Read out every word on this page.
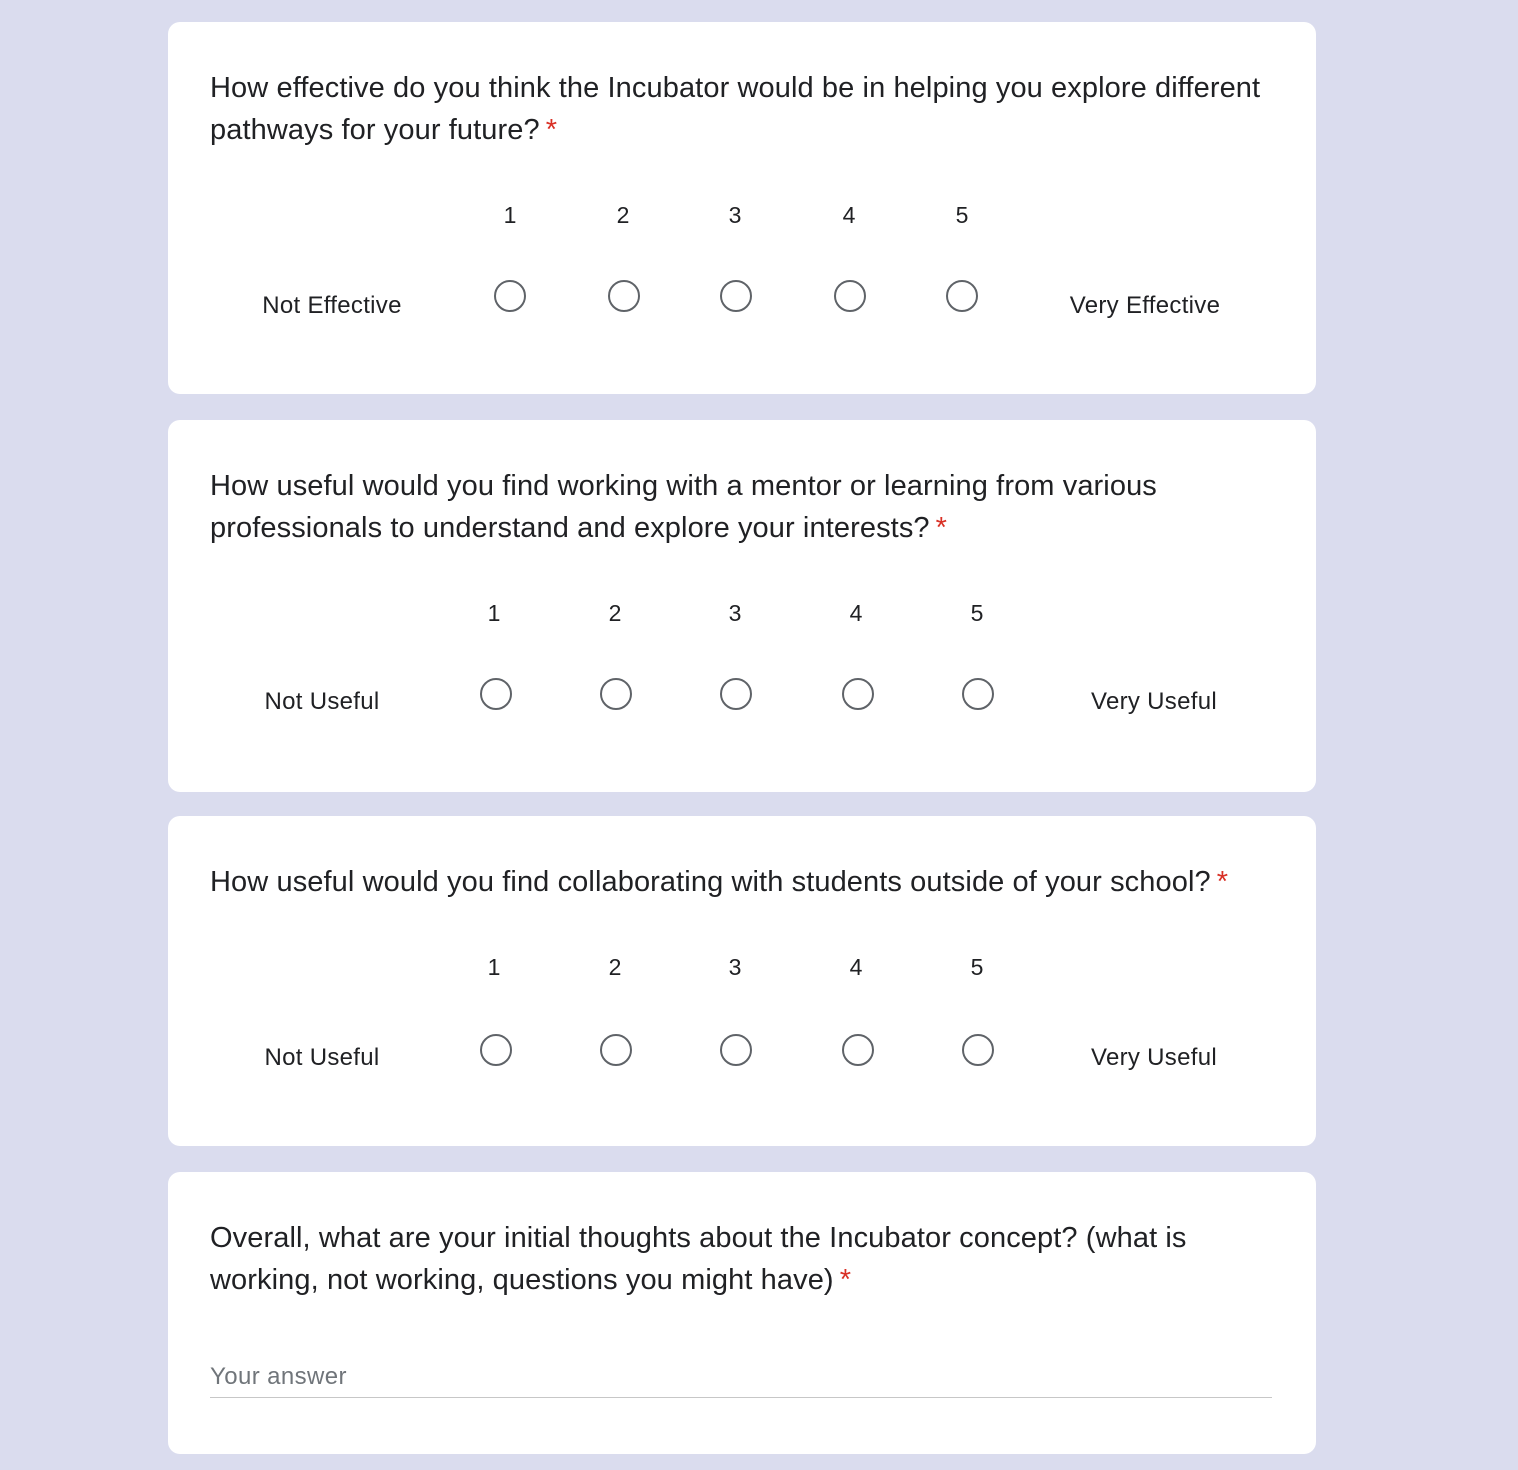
How effective do you think the Incubator would be in helping you explore different pathways for your future? *
1	2	3	4	5
Not Effective	Very Effective
How useful would you find working with a mentor or learning from various professionals to understand and explore your interests? *
1	2	3	4	5
Not Useful	Very Useful
How useful would you find collaborating with students outside of your school? *
1	2	3	4	5
Not Useful	Very Useful
Overall, what are your initial thoughts about the Incubator concept? (what is working, not working, questions you might have) *
Your answer
